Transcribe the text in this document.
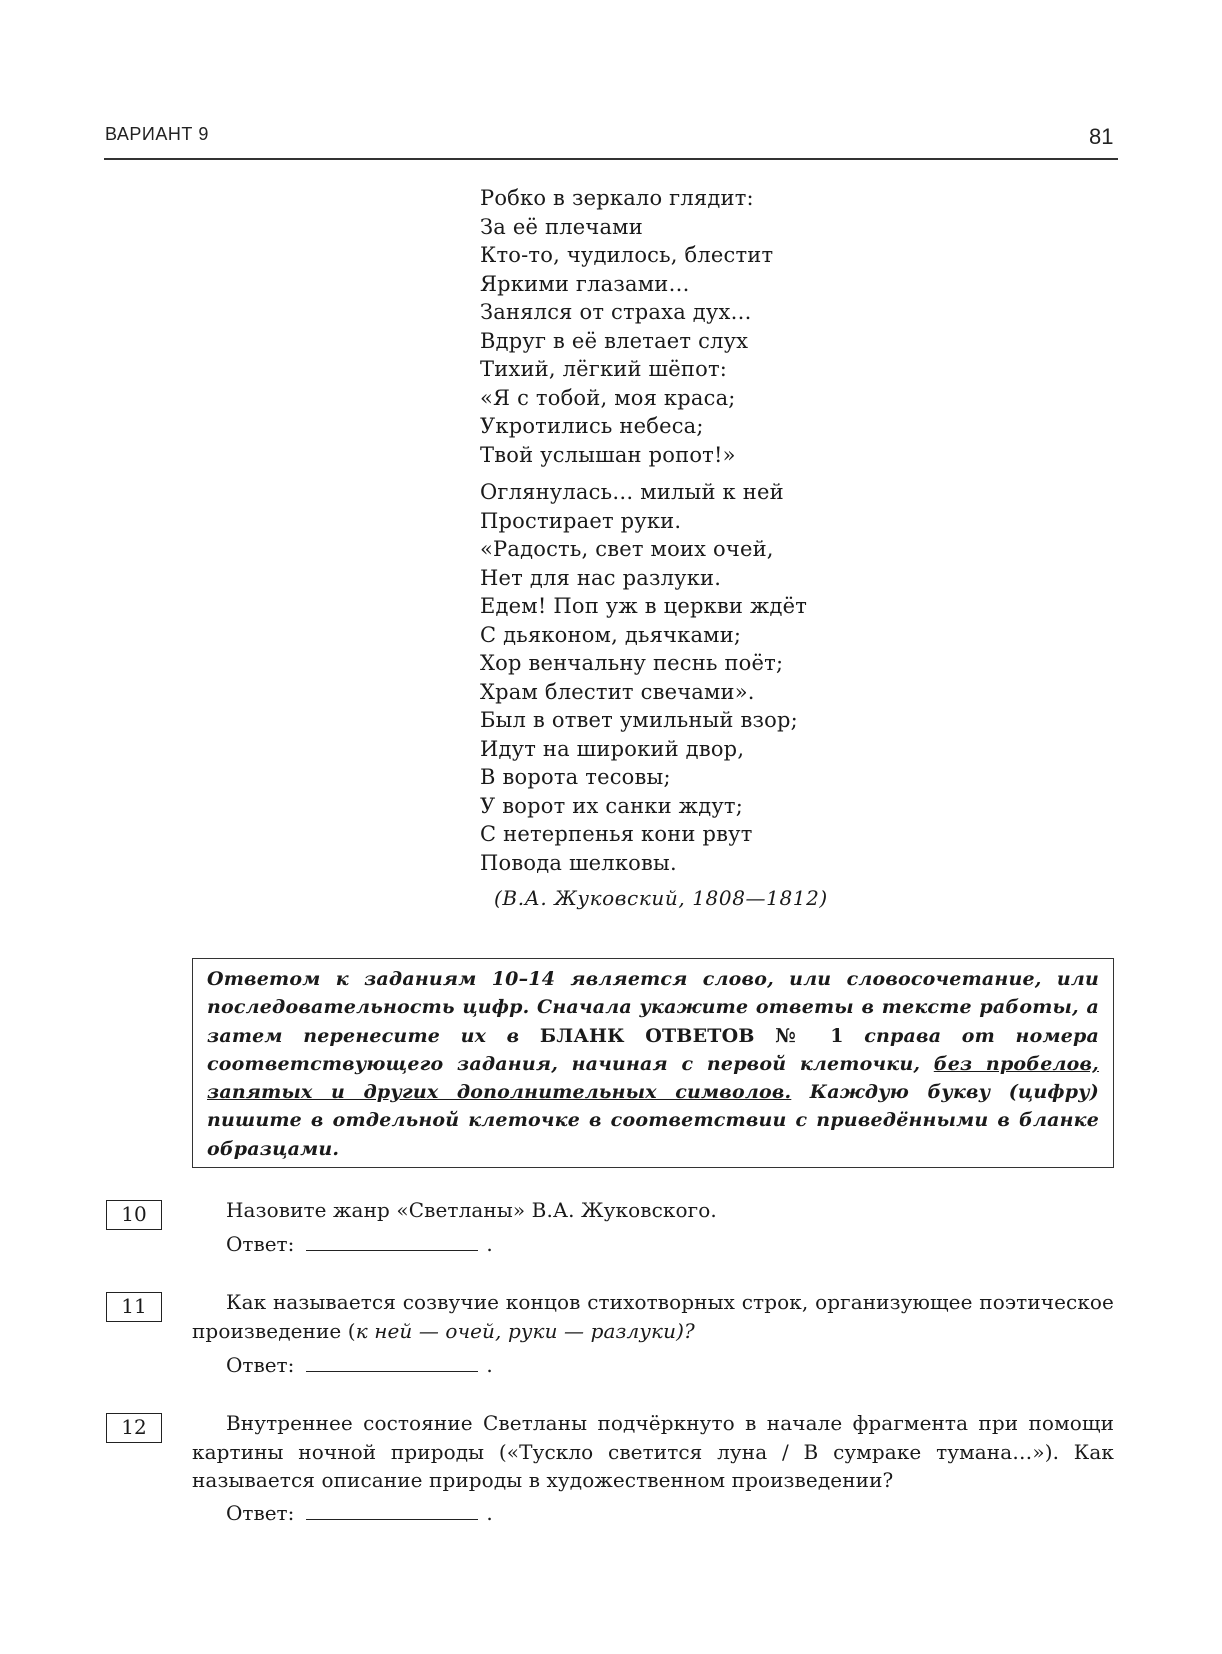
ВАРИАНТ 9	81
Робко в зеркало глядит:
За её плечами
Кто-то, чудилось, блестит
Яркими глазами…
Занялся от страха дух…
Вдруг в её влетает слух
Тихий, лёгкий шёпот:
«Я с тобой, моя краса;
Укротились небеса;
Твой услышан ропот!»
Оглянулась… милый к ней
Простирает руки.
«Радость, свет моих очей,
Нет для нас разлуки.
Едем! Поп уж в церкви ждёт
С дьяконом, дьячками;
Хор венчальну песнь поёт;
Храм блестит свечами».
Был в ответ умильный взор;
Идут на широкий двор,
В ворота тесовы;
У ворот их санки ждут;
С нетерпенья кони рвут
Повода шелковы.
(В.А. Жуковский, 1808—1812)

Ответом к заданиям 10–14 является слово, или словосочетание, или последовательность цифр. Сначала укажите ответы в тексте работы, а затем перенесите их в БЛАНК ОТВЕТОВ № 1 справа от номера соответствующего задания, начиная с первой клеточки, без пробелов, запятых и других дополнительных символов. Каждую букву (цифру) пишите в отдельной клеточке в соответствии с приведёнными в бланке образцами.

10	Назовите жанр «Светланы» В.А. Жуковского.
Ответ:	.
11	Как называется созвучие концов стихотворных строк, организующее поэтическое произведение (к ней — очей, руки — разлуки)?
Ответ:	.
12	Внутреннее состояние Светланы подчёркнуто в начале фрагмента при помощи картины ночной природы («Тускло светится луна / В сумраке тумана…»). Как называется описание природы в художественном произведении?
Ответ:	.
